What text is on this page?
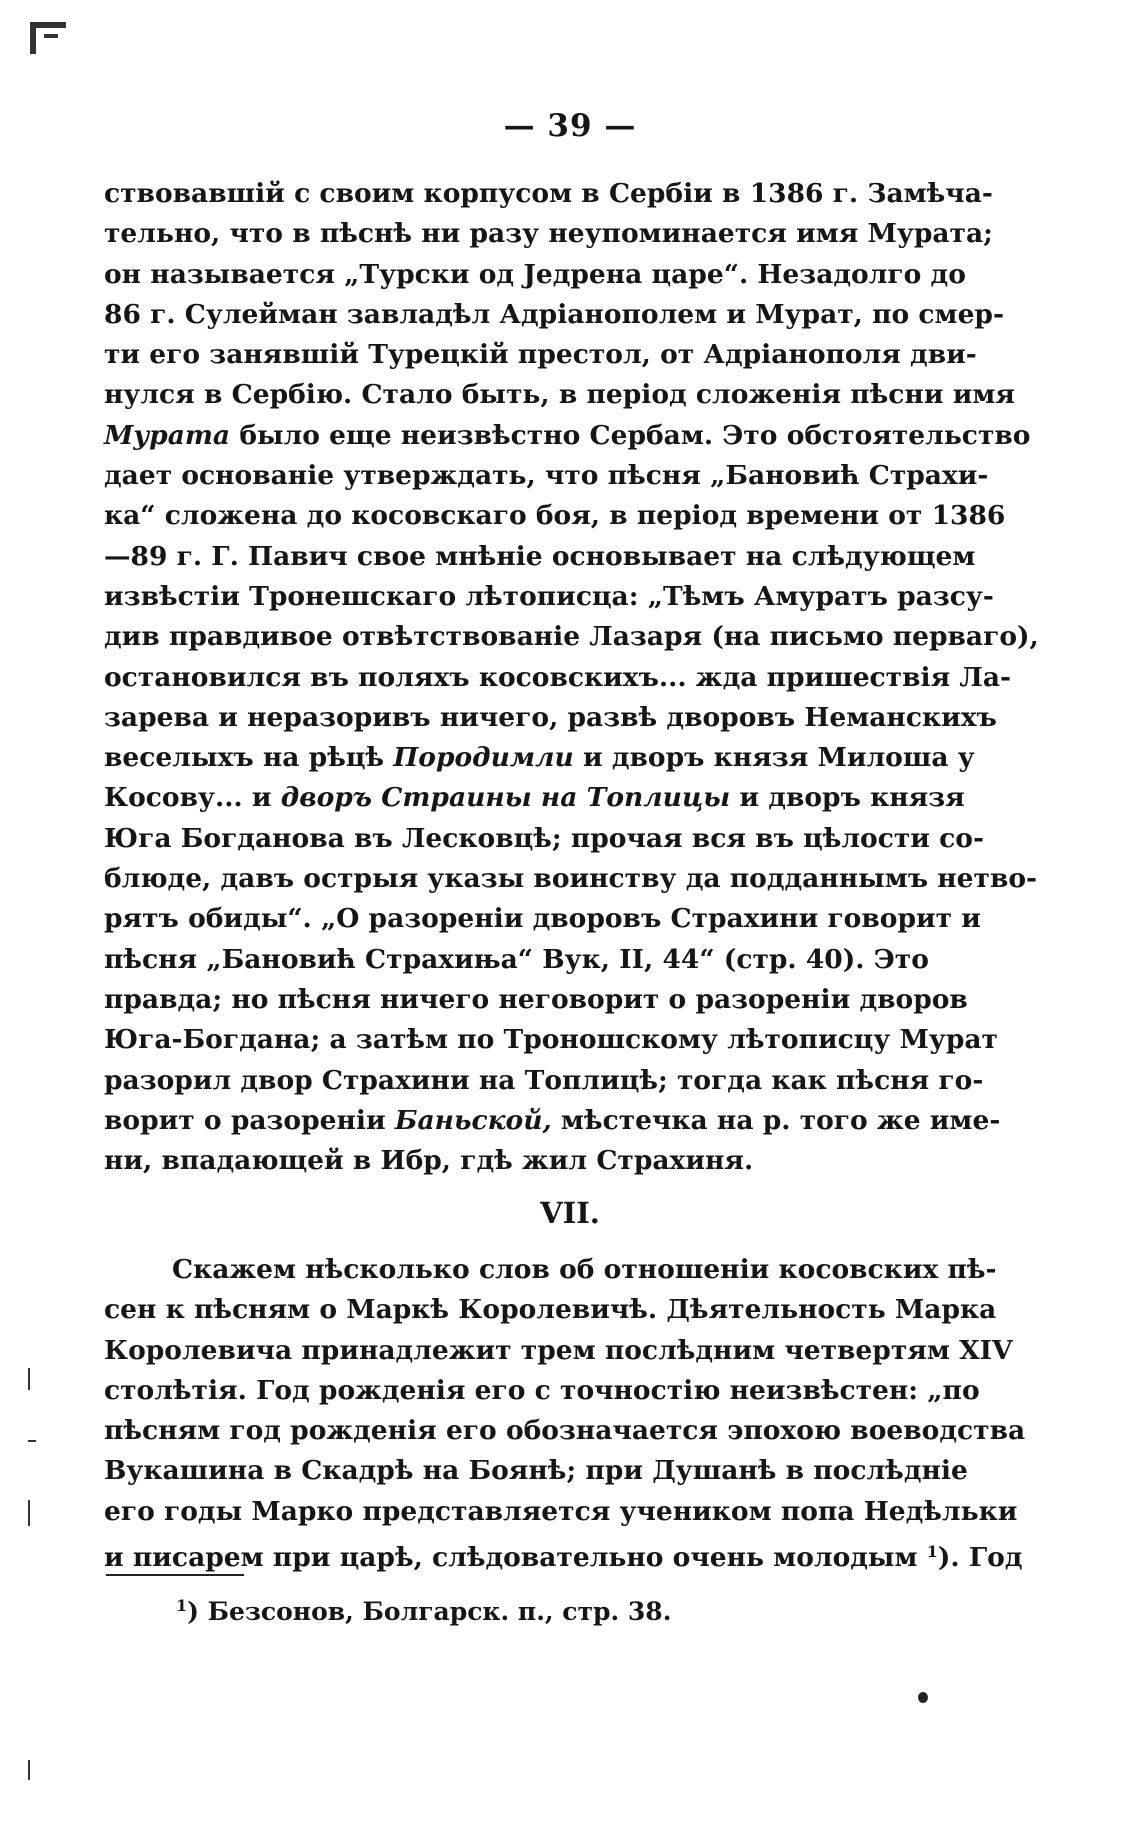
— 39 —
ствовавшій с своим корпусом в Сербіи в 1386 г. Замѣча-
тельно, что в пѣснѣ ни разу неупоминается имя Мурата;
он называется „Турски од Jедрена царе“. Незадолго до
86 г. Сулейман завладѣл Адріанополем и Мурат, по смер-
ти его занявшій Турецкій престол, от Адріанополя дви-
нулся в Сербію. Стало быть, в період сложенія пѣсни имя
Мурата было еще неизвѣстно Сербам. Это обстоятельство
дает основаніе утверждать, что пѣсня „Бановић Страхи-
ка“ сложена до косовскаго боя, в період времени от 1386
—89 г. Г. Павич свое мнѣніе основывает на слѣдующем
извѣстіи Тронешскаго лѣтописца: „Тѣмъ Амуратъ разсу-
див правдивое отвѣтствованіе Лазаря (на письмо перваго),
остановился въ поляхъ косовскихъ... жда пришествія Ла-
зарева и неразоривъ ничего, развѣ дворовъ Неманскихъ
веселыхъ на рѣцѣ Породимли и дворъ князя Милоша у
Косову... и дворъ Страины на Топлицы и дворъ князя
Юга Богданова въ Лесковцѣ; прочая вся въ цѣлости со-
блюде, давъ острыя указы воинству да подданнымъ нетво-
рятъ обиды“. „О разореніи дворовъ Страхини говорит и
пѣсня „Бановић Страхиња“ Вук, II, 44“ (стр. 40). Это
правда; но пѣсня ничего неговорит о разореніи дворов
Юга-Богдана; а затѣм по Троношскому лѣтописцу Мурат
разорил двор Страхини на Топлицѣ; тогда как пѣсня го-
ворит о разореніи Баньской, мѣстечка на р. того же име-
ни, впадающей в Ибр, гдѣ жил Страхиня.
VII.
Скажем нѣсколько слов об отношеніи косовских пѣ-
сен к пѣсням о Маркѣ Королевичѣ. Дѣятельность Марка
Королевича принадлежит трем послѣдним четвертям XIV
столѣтія. Год рожденія его с точностію неизвѣстен: „по
пѣсням год рожденія его обозначается эпохою воеводства
Вукашина в Скадрѣ на Боянѣ; при Душанѣ в послѣдніе
его годы Марко представляется учеником попа Недѣльки
и писарем при царѣ, слѣдовательно очень молодым $^1$). Год
$^1$) Безсонов, Болгарск. п., стр. 38.
